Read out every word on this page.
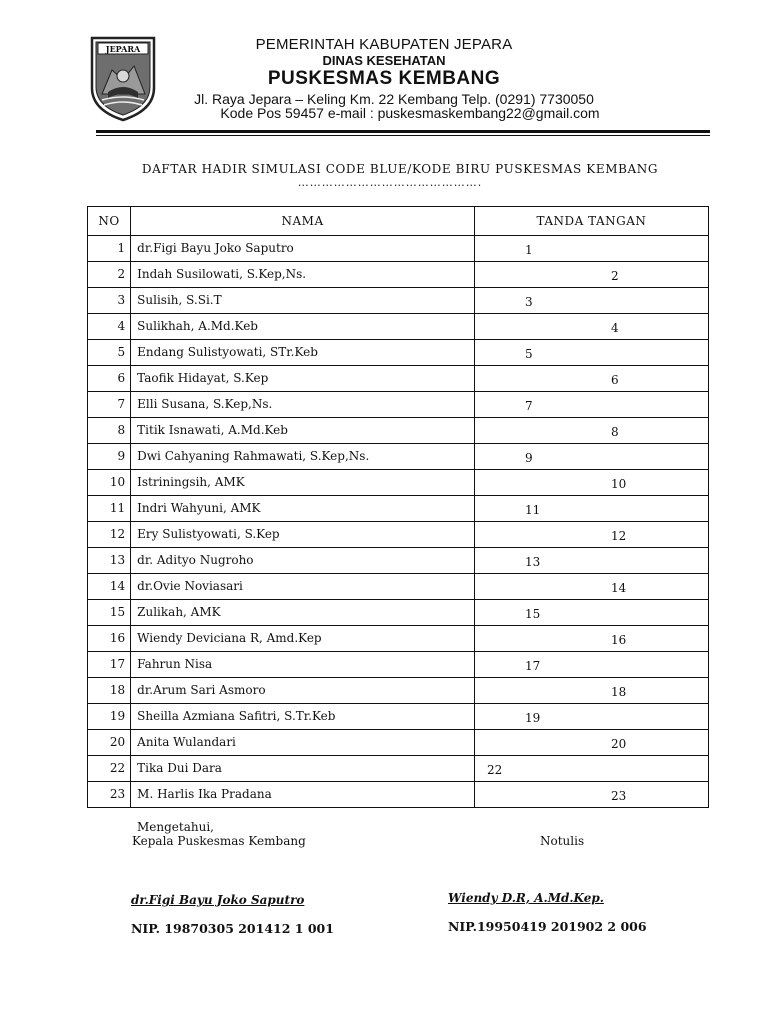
JEPARA	PEMERINTAH KABUPATEN JEPARA
DINAS KESEHATAN
PUSKESMAS KEMBANG
Jl. Raya Jepara – Keling Km. 22 Kembang Telp. (0291) 7730050
Kode Pos 59457 e-mail : puskesmaskembang22@gmail.com
DAFTAR HADIR SIMULASI CODE BLUE/KODE BIRU PUSKESMAS KEMBANG
……………………………………….
NO	NAMA	TANDA TANGAN
1	dr.Figi Bayu Joko Saputro	1

2	Indah Susilowati, S.Kep,Ns.	2

3	Sulisih, S.Si.T	3

4	Sulikhah, A.Md.Keb	4

5	Endang Sulistyowati, STr.Keb	5

6	Taofik Hidayat, S.Kep	6

7	Elli Susana, S.Kep,Ns.	7

8	Titik Isnawati, A.Md.Keb	8

9	Dwi Cahyaning Rahmawati, S.Kep,Ns.	9

10	Istriningsih, AMK	10

11	Indri Wahyuni, AMK	11

12	Ery Sulistyowati, S.Kep	12

13	dr. Adityo Nugroho	13

14	dr.Ovie Noviasari	14

15	Zulikah, AMK	15

16	Wiendy Deviciana R, Amd.Kep	16

17	Fahrun Nisa	17

18	dr.Arum Sari Asmoro	18

19	Sheilla Azmiana Safitri, S.Tr.Keb	19

20	Anita Wulandari	20

22	Tika Dui Dara	22

23	M. Harlis Ika Pradana	23
Mengetahui,
Kepala Puskesmas Kembang	Notulis
dr.Figi Bayu Joko Saputro	Wiendy D.R, A.Md.Kep.
NIP. 19870305 201412 1 001	NIP.19950419 201902 2 006
